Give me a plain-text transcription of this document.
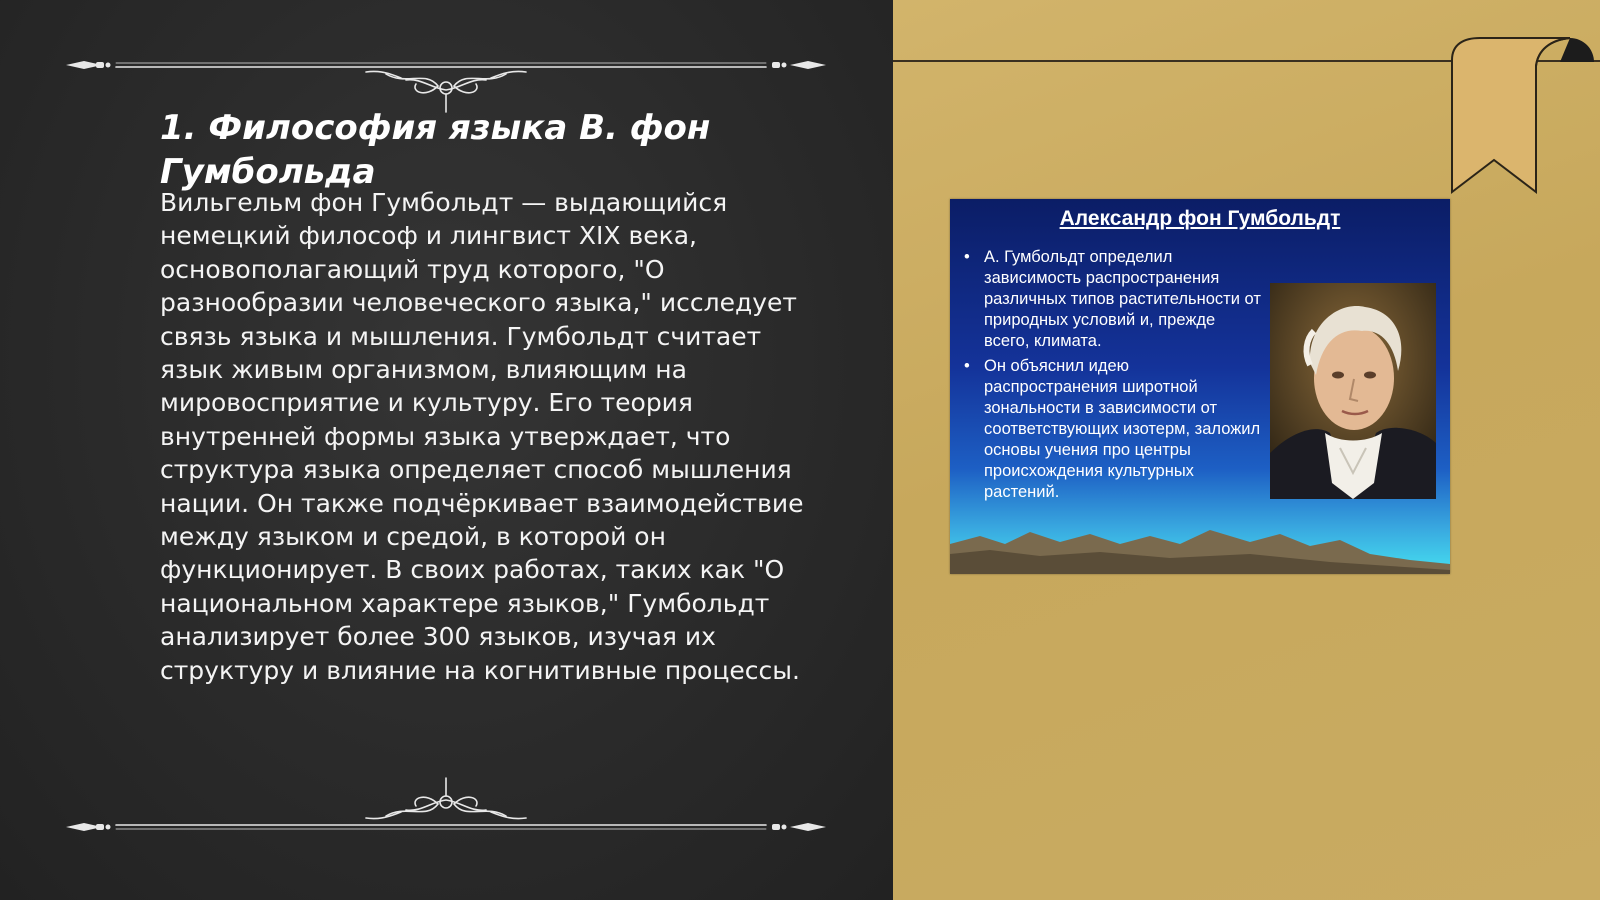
1. Философия языка В. фон Гумбольда

Вильгельм фон Гумбольдт — выдающийся немецкий философ и лингвист XIX века, основополагающий труд которого, "О разнообразии человеческого языка," исследует связь языка и мышления. Гумбольдт считает язык живым организмом, влияющим на мировосприятие и культуру. Его теория внутренней формы языка утверждает, что структура языка определяет способ мышления нации. Он также подчёркивает взаимодействие между языком и средой, в которой он функционирует. В своих работах, таких как "О национальном характере языков," Гумбольдт анализирует более 300 языков, изучая их структуру и влияние на когнитивные процессы.

Александр фон Гумбольдт
• А. Гумбольдт определил зависимость распространения различных типов растительности от природных условий и, прежде всего, климата.
• Он объяснил идею распространения широтной зональности в зависимости от соответствующих изотерм, заложил основы учения про центры происхождения культурных растений.
